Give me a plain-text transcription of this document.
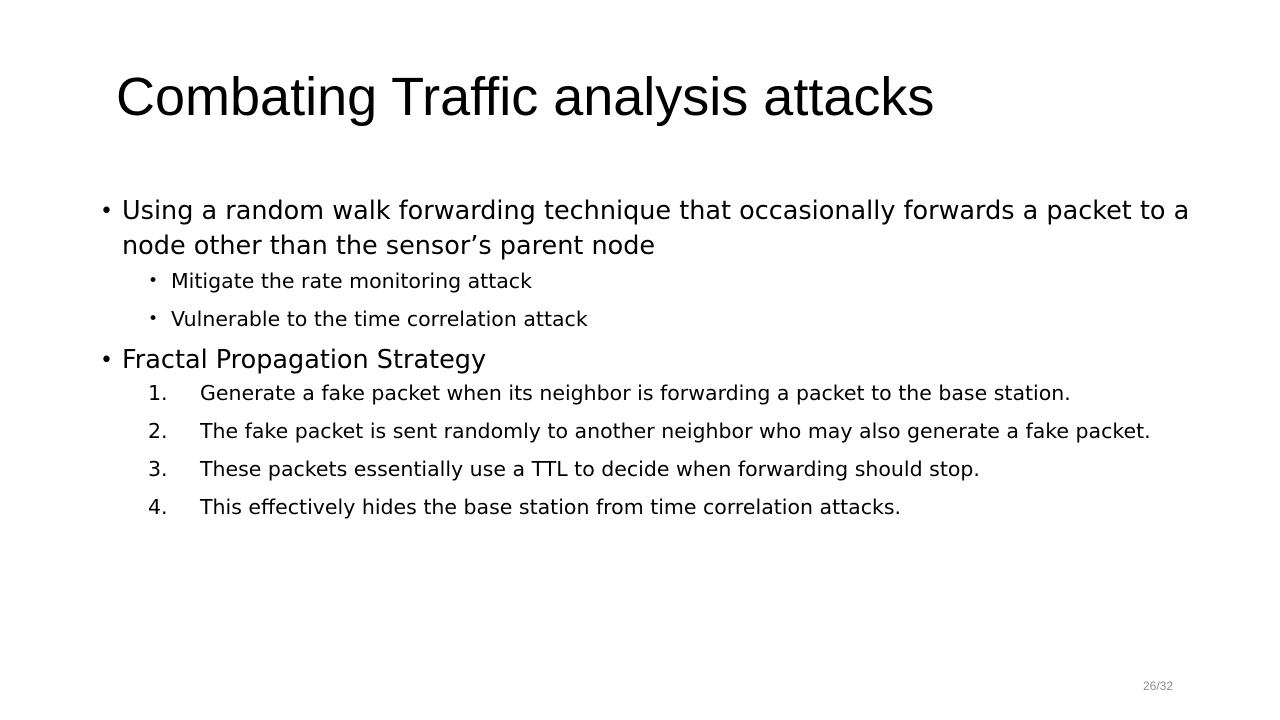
Combating Traffic analysis attacks
• Using a random walk forwarding technique that occasionally forwards a packet to a node other than the sensor’s parent node
• Mitigate the rate monitoring attack
• Vulnerable to the time correlation attack
• Fractal Propagation Strategy
1. Generate a fake packet when its neighbor is forwarding a packet to the base station.
2. The fake packet is sent randomly to another neighbor who may also generate a fake packet.
3. These packets essentially use a TTL to decide when forwarding should stop.
4. This effectively hides the base station from time correlation attacks.
26/32
